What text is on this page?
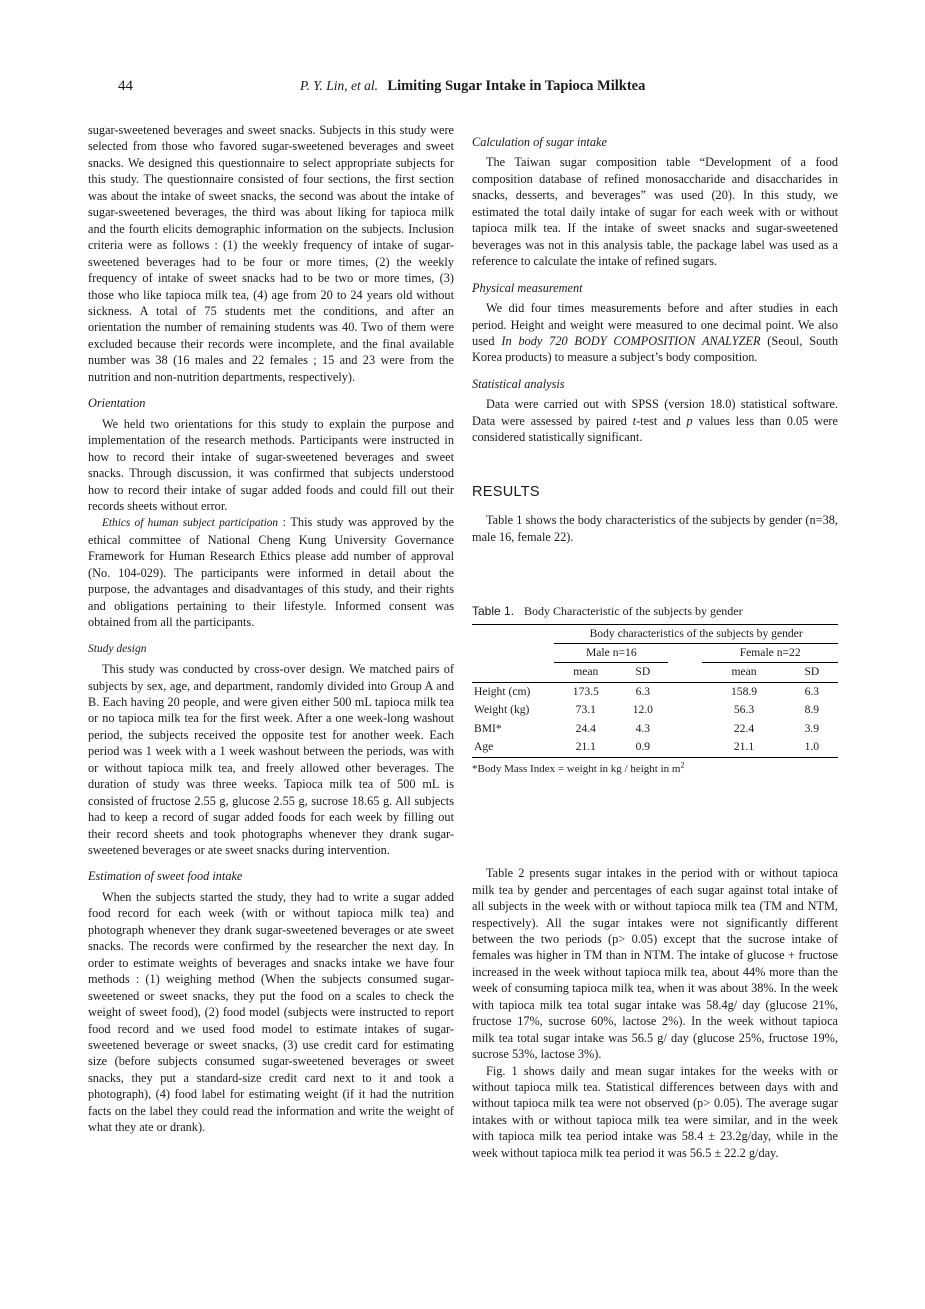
44	P. Y. Lin, et al. Limiting Sugar Intake in Tapioca Milktea

sugar-sweetened beverages and sweet snacks. Subjects in this study were selected from those who favored sugar-sweetened beverages and sweet snacks. We designed this questionnaire to select appropriate subjects for this study. The questionnaire consisted of four sections, the first section was about the intake of sweet snacks, the second was about the intake of sugar-sweetened beverages, the third was about liking for tapioca milk and the fourth elicits demographic information on the subjects. Inclusion criteria were as follows : (1) the weekly frequency of intake of sugar-sweetened beverages had to be four or more times, (2) the weekly frequency of intake of sweet snacks had to be two or more times, (3) those who like tapioca milk tea, (4) age from 20 to 24 years old without sickness. A total of 75 students met the conditions, and after an orientation the number of remaining students was 40. Two of them were excluded because their records were incomplete, and the final available number was 38 (16 males and 22 females ; 15 and 23 were from the nutrition and non-nutrition departments, respectively).

Orientation

We held two orientations for this study to explain the purpose and implementation of the research methods. Participants were instructed in how to record their intake of sugar-sweetened beverages and sweet snacks. Through discussion, it was confirmed that subjects understood how to record their intake of sugar added foods and could fill out their records sheets without error.

Ethics of human subject participation : This study was approved by the ethical committee of National Cheng Kung University Governance Framework for Human Research Ethics please add number of approval (No. 104-029). The participants were informed in detail about the purpose, the advantages and disadvantages of this study, and their rights and obligations pertaining to their lifestyle. Informed consent was obtained from all the participants.

Study design

This study was conducted by cross-over design. We matched pairs of subjects by sex, age, and department, randomly divided into Group A and B. Each having 20 people, and were given either 500 mL tapioca milk tea or no tapioca milk tea for the first week. After a one week-long washout period, the subjects received the opposite test for another week. Each period was 1 week with a 1 week washout between the periods, was with or without tapioca milk tea, and freely allowed other beverages. The duration of study was three weeks. Tapioca milk tea of 500 mL is consisted of fructose 2.55 g, glucose 2.55 g, sucrose 18.65 g. All subjects had to keep a record of sugar added foods for each week by filling out their record sheets and took photographs whenever they drank sugar-sweetened beverages or ate sweet snacks during intervention.

Estimation of sweet food intake

When the subjects started the study, they had to write a sugar added food record for each week (with or without tapioca milk tea) and photograph whenever they drank sugar-sweetened beverages or ate sweet snacks. The records were confirmed by the researcher the next day. In order to estimate weights of beverages and snacks intake we have four methods : (1) weighing method (When the subjects consumed sugar-sweetened or sweet snacks, they put the food on a scales to check the weight of sweet food), (2) food model (subjects were instructed to report food record and we used food model to estimate intakes of sugar-sweetened beverage or sweet snacks, (3) use credit card for estimating size (before subjects consumed sugar-sweetened beverages or sweet snacks, they put a standard-size credit card next to it and took a photograph), (4) food label for estimating weight (if it had the nutrition facts on the label they could read the information and write the weight of what they ate or drank).

Calculation of sugar intake

The Taiwan sugar composition table “Development of a food composition database of refined monosaccharide and disaccharides in snacks, desserts, and beverages” was used (20). In this study, we estimated the total daily intake of sugar for each week with or without tapioca milk tea. If the intake of sweet snacks and sugar-sweetened beverages was not in this analysis table, the package label was used as a reference to calculate the intake of refined sugars.

Physical measurement

We did four times measurements before and after studies in each period. Height and weight were measured to one decimal point. We also used In body 720 BODY COMPOSITION ANALYZER (Seoul, South Korea products) to measure a subject’s body composition.

Statistical analysis

Data were carried out with SPSS (version 18.0) statistical software. Data were assessed by paired t-test and p values less than 0.05 were considered statistically significant.

RESULTS

Table 1 shows the body characteristics of the subjects by gender (n=38, male 16, female 22).

Table 1. Body Characteristic of the subjects by gender
	Body characteristics of the subjects by gender				
	Male n=16			Female n=22	
	mean	SD		mean	SD
Height (cm)	173.5	6.3		158.9	6.3
Weight (kg)	73.1	12.0		56.3	8.9
BMI*	24.4	4.3		22.4	3.9
Age	21.1	0.9		21.1	1.0
*Body Mass Index = weight in kg / height in $m^2$

Table 2 presents sugar intakes in the period with or without tapioca milk tea by gender and percentages of each sugar against total intake of all subjects in the week with or without tapioca milk tea (TM and NTM, respectively). All the sugar intakes were not significantly different between the two periods (p> 0.05) except that the sucrose intake of females was higher in TM than in NTM. The intake of glucose + fructose increased in the week without tapioca milk tea, about 44% more than the week of consuming tapioca milk tea, when it was about 38%. In the week with tapioca milk tea total sugar intake was 58.4g/ day (glucose 21%, fructose 17%, sucrose 60%, lactose 2%). In the week without tapioca milk tea total sugar intake was 56.5 g/ day (glucose 25%, fructose 19%, sucrose 53%, lactose 3%).

Fig. 1 shows daily and mean sugar intakes for the weeks with or without tapioca milk tea. Statistical differences between days with and without tapioca milk tea were not observed (p> 0.05). The average sugar intakes with or without tapioca milk tea were similar, and in the week with tapioca milk tea period intake was 58.4 ± 23.2g/day, while in the week without tapioca milk tea period it was 56.5 ± 22.2 g/day.
